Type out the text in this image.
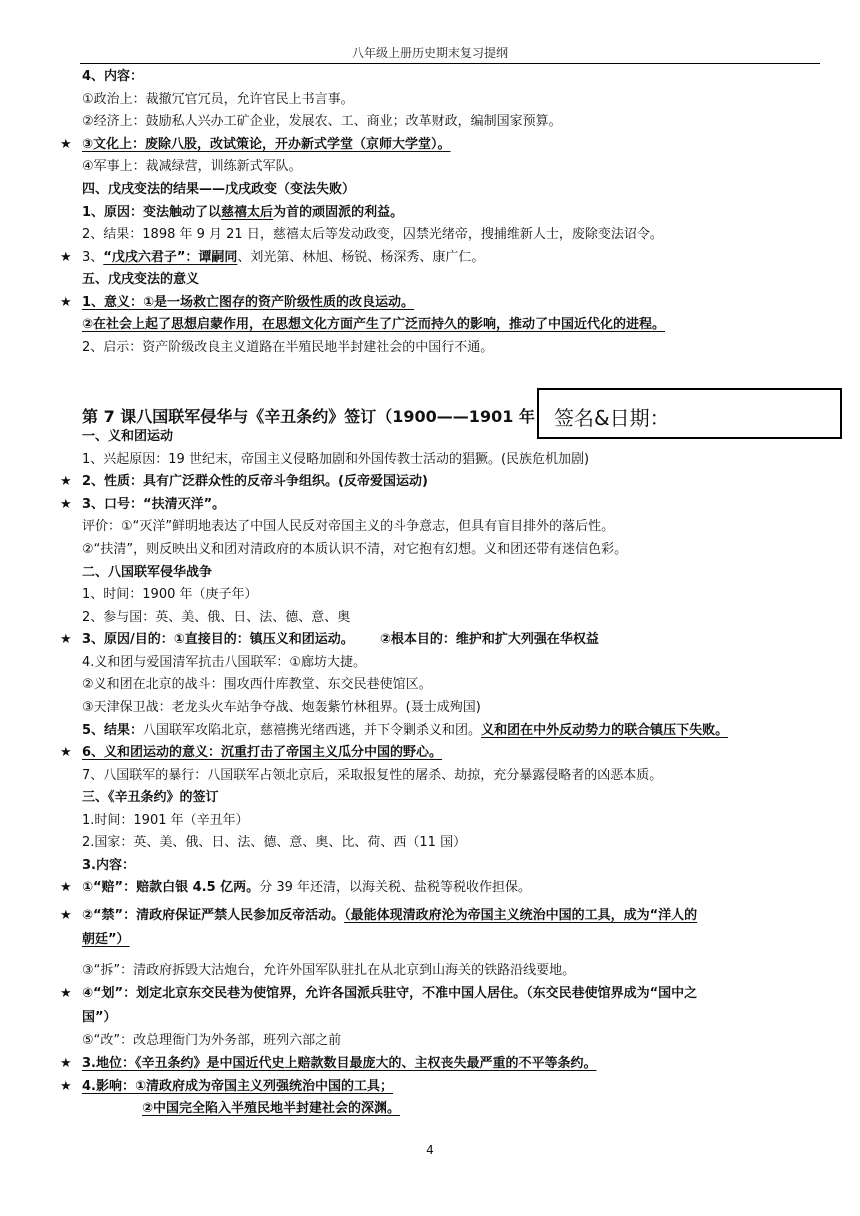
八年级上册历史期末复习提纲
4、内容：
①政治上：裁撤冗官冗员，允许官民上书言事。
②经济上：鼓励私人兴办工矿企业，发展农、工、商业；改革财政，编制国家预算。
★ ③文化上：废除八股，改试策论，开办新式学堂（京师大学堂）。
④军事上：裁减绿营，训练新式军队。
四、戊戌变法的结果——戊戌政变（变法失败）
1、原因：变法触动了以慈禧太后为首的顽固派的利益。
2、结果：1898 年 9 月 21 日，慈禧太后等发动政变，囚禁光绪帝，搜捕维新人士，废除变法诏令。
★ 3、“戊戌六君子”：谭嗣同、刘光第、林旭、杨锐、杨深秀、康广仁。
五、戊戌变法的意义
★ 1、意义：①是一场救亡图存的资产阶级性质的改良运动。
②在社会上起了思想启蒙作用，在思想文化方面产生了广泛而持久的影响，推动了中国近代化的进程。
2、启示：资产阶级改良主义道路在半殖民地半封建社会的中国行不通。
第 7 课八国联军侵华与《辛丑条约》签订（1900——1901 年 签名&日期：
一、义和团运动
1、兴起原因：19 世纪末，帝国主义侵略加剧和外国传教士活动的猖獗。(民族危机加剧)
★ 2、性质：具有广泛群众性的反帝斗争组织。(反帝爱国运动)
★ 3、口号：“扶清灭洋”。
评价：①“灭洋”鲜明地表达了中国人民反对帝国主义的斗争意志，但具有盲目排外的落后性。
②“扶清”，则反映出义和团对清政府的本质认识不清，对它抱有幻想。义和团还带有迷信色彩。
二、八国联军侵华战争
1、时间：1900 年（庚子年）
2、参与国：英、美、俄、日、法、德、意、奥
★ 3、原因/目的：①直接目的：镇压义和团运动。 ②根本目的：维护和扩大列强在华权益
4.义和团与爱国清军抗击八国联军：①廊坊大捷。
②义和团在北京的战斗：围攻西什库教堂、东交民巷使馆区。
③天津保卫战：老龙头火车站争夺战、炮轰紫竹林租界。(聂士成殉国)
5、结果：八国联军攻陷北京，慈禧携光绪西逃，并下令剿杀义和团。义和团在中外反动势力的联合镇压下失败。
★ 6、义和团运动的意义：沉重打击了帝国主义瓜分中国的野心。
7、八国联军的暴行：八国联军占领北京后，采取报复性的屠杀、劫掠，充分暴露侵略者的凶恶本质。
三、《辛丑条约》的签订
1.时间：1901 年（辛丑年）
2.国家：英、美、俄、日、法、德、意、奥、比、荷、西（11 国）
3.内容：
★ ①“赔”：赔款白银 4.5 亿两。分 39 年还清，以海关税、盐税等税收作担保。
★ ②“禁”：清政府保证严禁人民参加反帝活动。（最能体现清政府沦为帝国主义统治中国的工具，成为“洋人的
朝廷”）
③“拆”：清政府拆毁大沽炮台，允许外国军队驻扎在从北京到山海关的铁路沿线要地。
★ ④“划”：划定北京东交民巷为使馆界，允许各国派兵驻守，不准中国人居住。（东交民巷使馆界成为“国中之
国”）
⑤“改”：改总理衙门为外务部，班列六部之前
★ 3.地位：《辛丑条约》是中国近代史上赔款数目最庞大的、主权丧失最严重的不平等条约。
★ 4.影响：①清政府成为帝国主义列强统治中国的工具；
②中国完全陷入半殖民地半封建社会的深渊。
4
